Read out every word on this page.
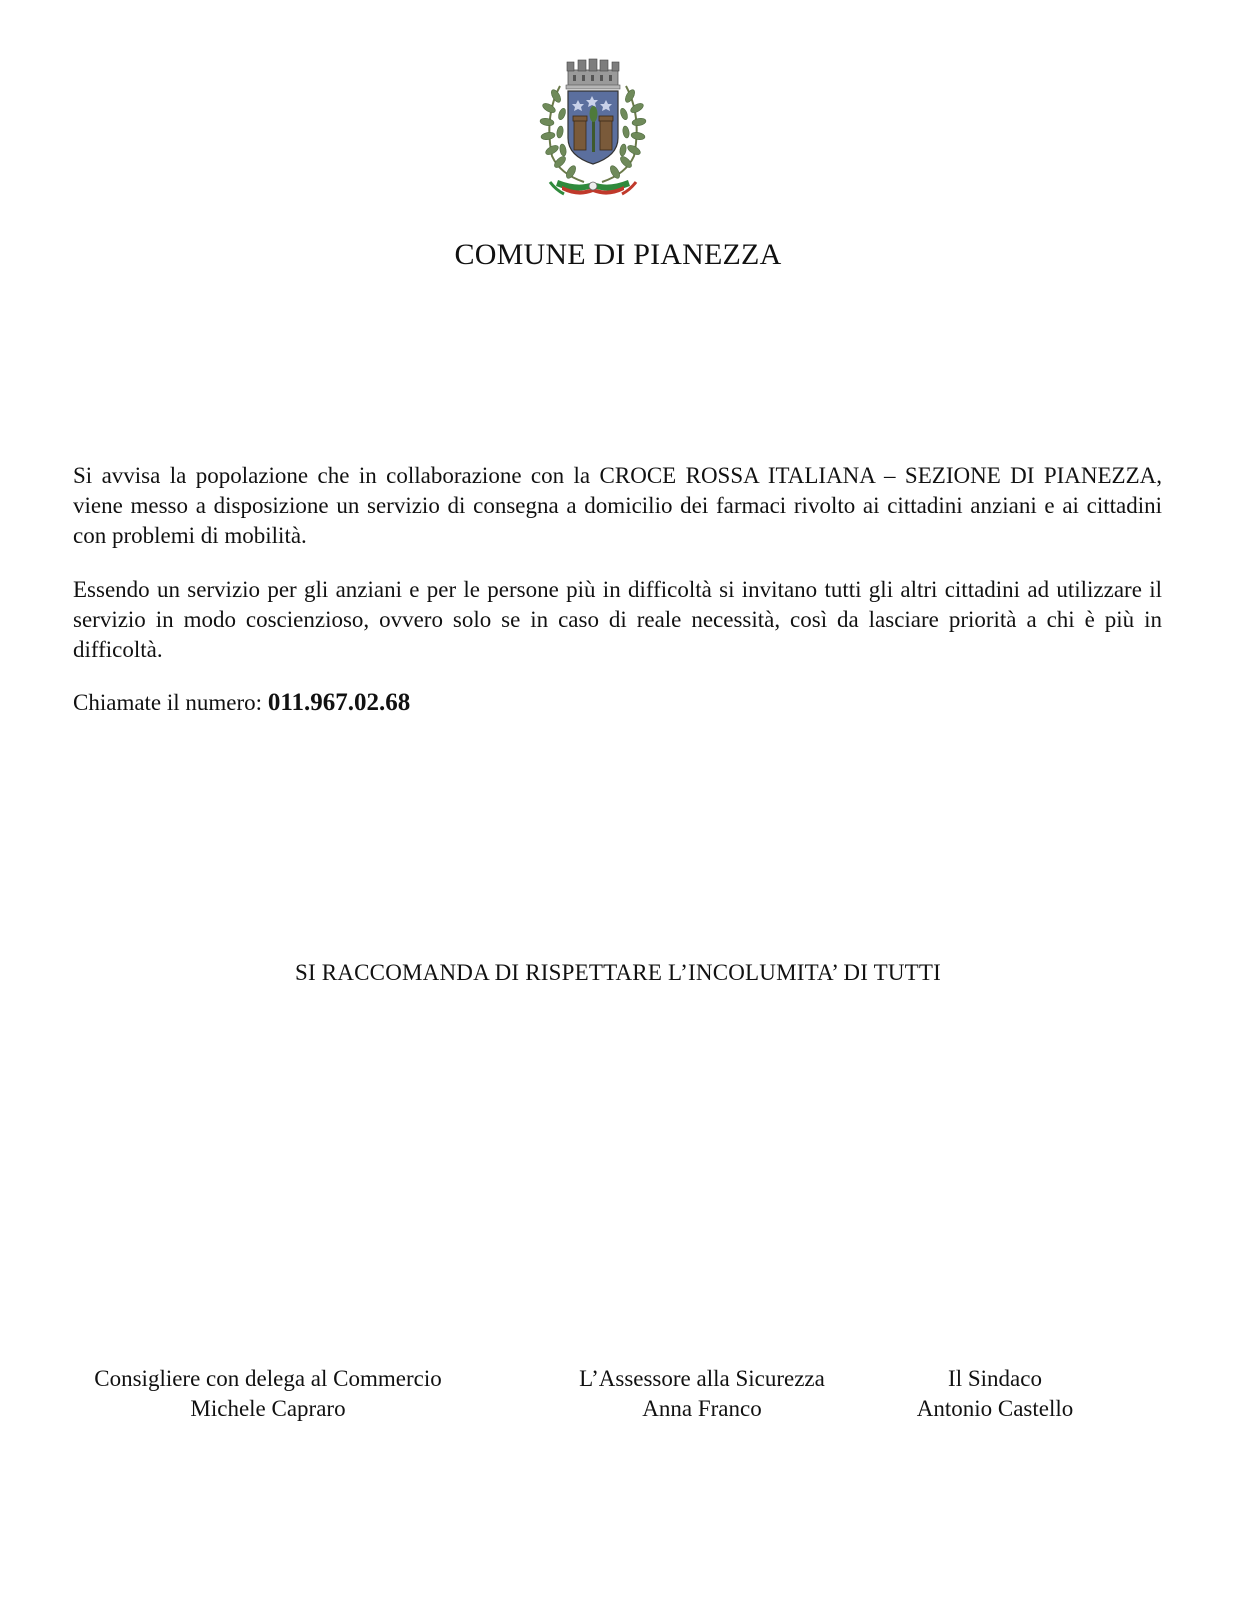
COMUNE DI PIANEZZA

Si avvisa la popolazione che in collaborazione con la CROCE ROSSA ITALIANA – SEZIONE DI PIANEZZA, viene messo a disposizione un servizio di consegna a domicilio dei farmaci rivolto ai cittadini anziani e ai cittadini con problemi di mobilità.

Essendo un servizio per gli anziani e per le persone più in difficoltà si invitano tutti gli altri cittadini ad utilizzare il servizio in modo coscienzioso, ovvero solo se in caso di reale necessità, così da lasciare priorità a chi è più in difficoltà.

Chiamate il numero: 011.967.02.68
SI RACCOMANDA DI RISPETTARE L’INCOLUMITA’ DI TUTTI
Consigliere con delega al Commercio
Michele Capraro
L’Assessore alla Sicurezza
Anna Franco
Il Sindaco
Antonio Castello
